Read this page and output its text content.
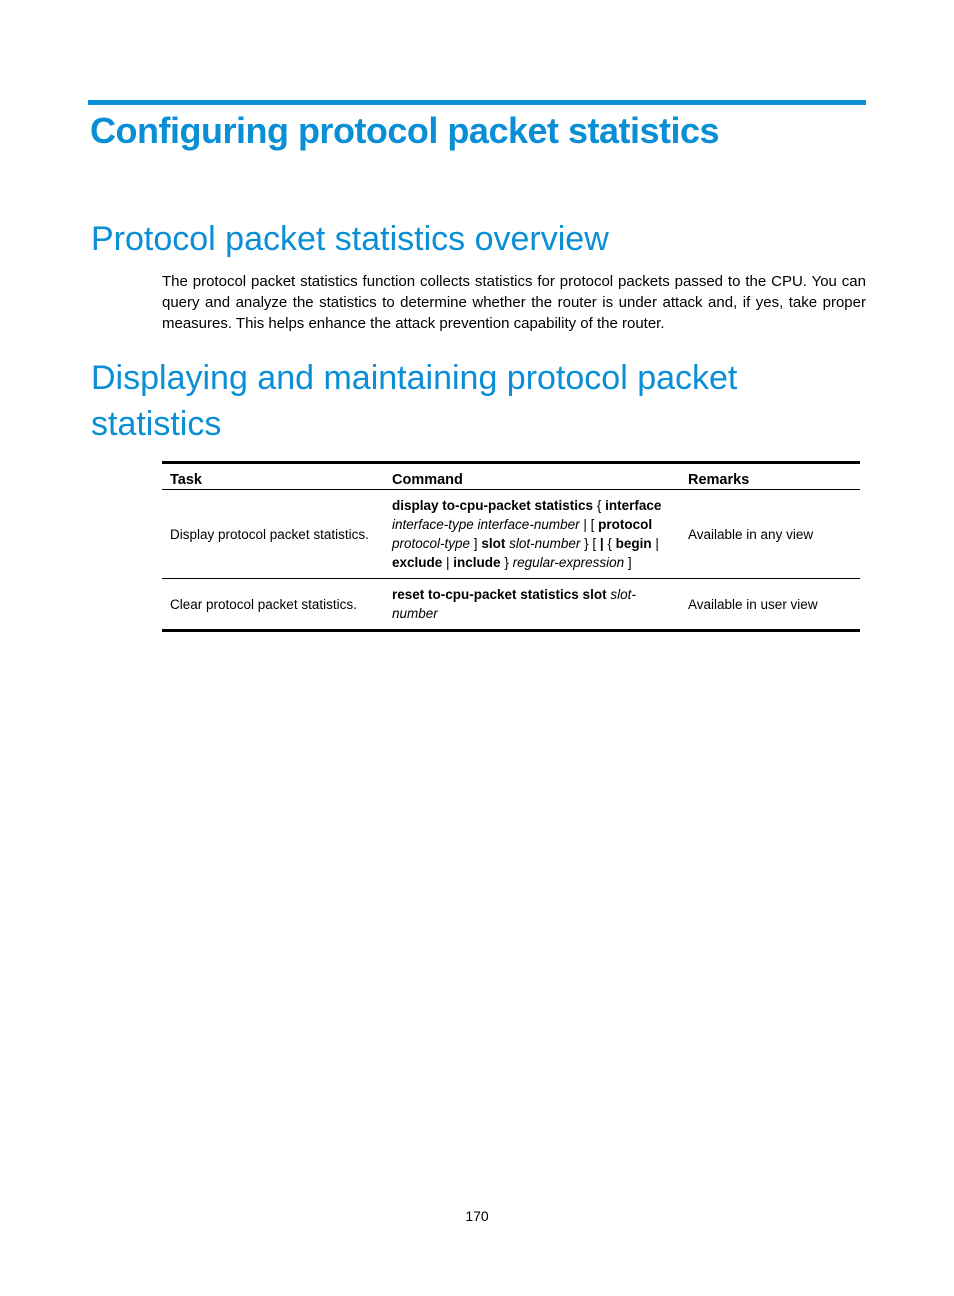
Configuring protocol packet statistics
Protocol packet statistics overview

The protocol packet statistics function collects statistics for protocol packets passed to the CPU. You can query and analyze the statistics to determine whether the router is under attack and, if yes, take proper measures. This helps enhance the attack prevention capability of the router.

Displaying and maintaining protocol packet statistics
Task	Command	Remarks
Display protocol packet statistics.	display to-cpu-packet statistics { interface interface-type interface-number | [ protocol protocol-type ] slot slot-number } [ | { begin | exclude | include } regular-expression ]	Available in any view
Clear protocol packet statistics.	reset to-cpu-packet statistics slot slot-number	Available in user view
170
